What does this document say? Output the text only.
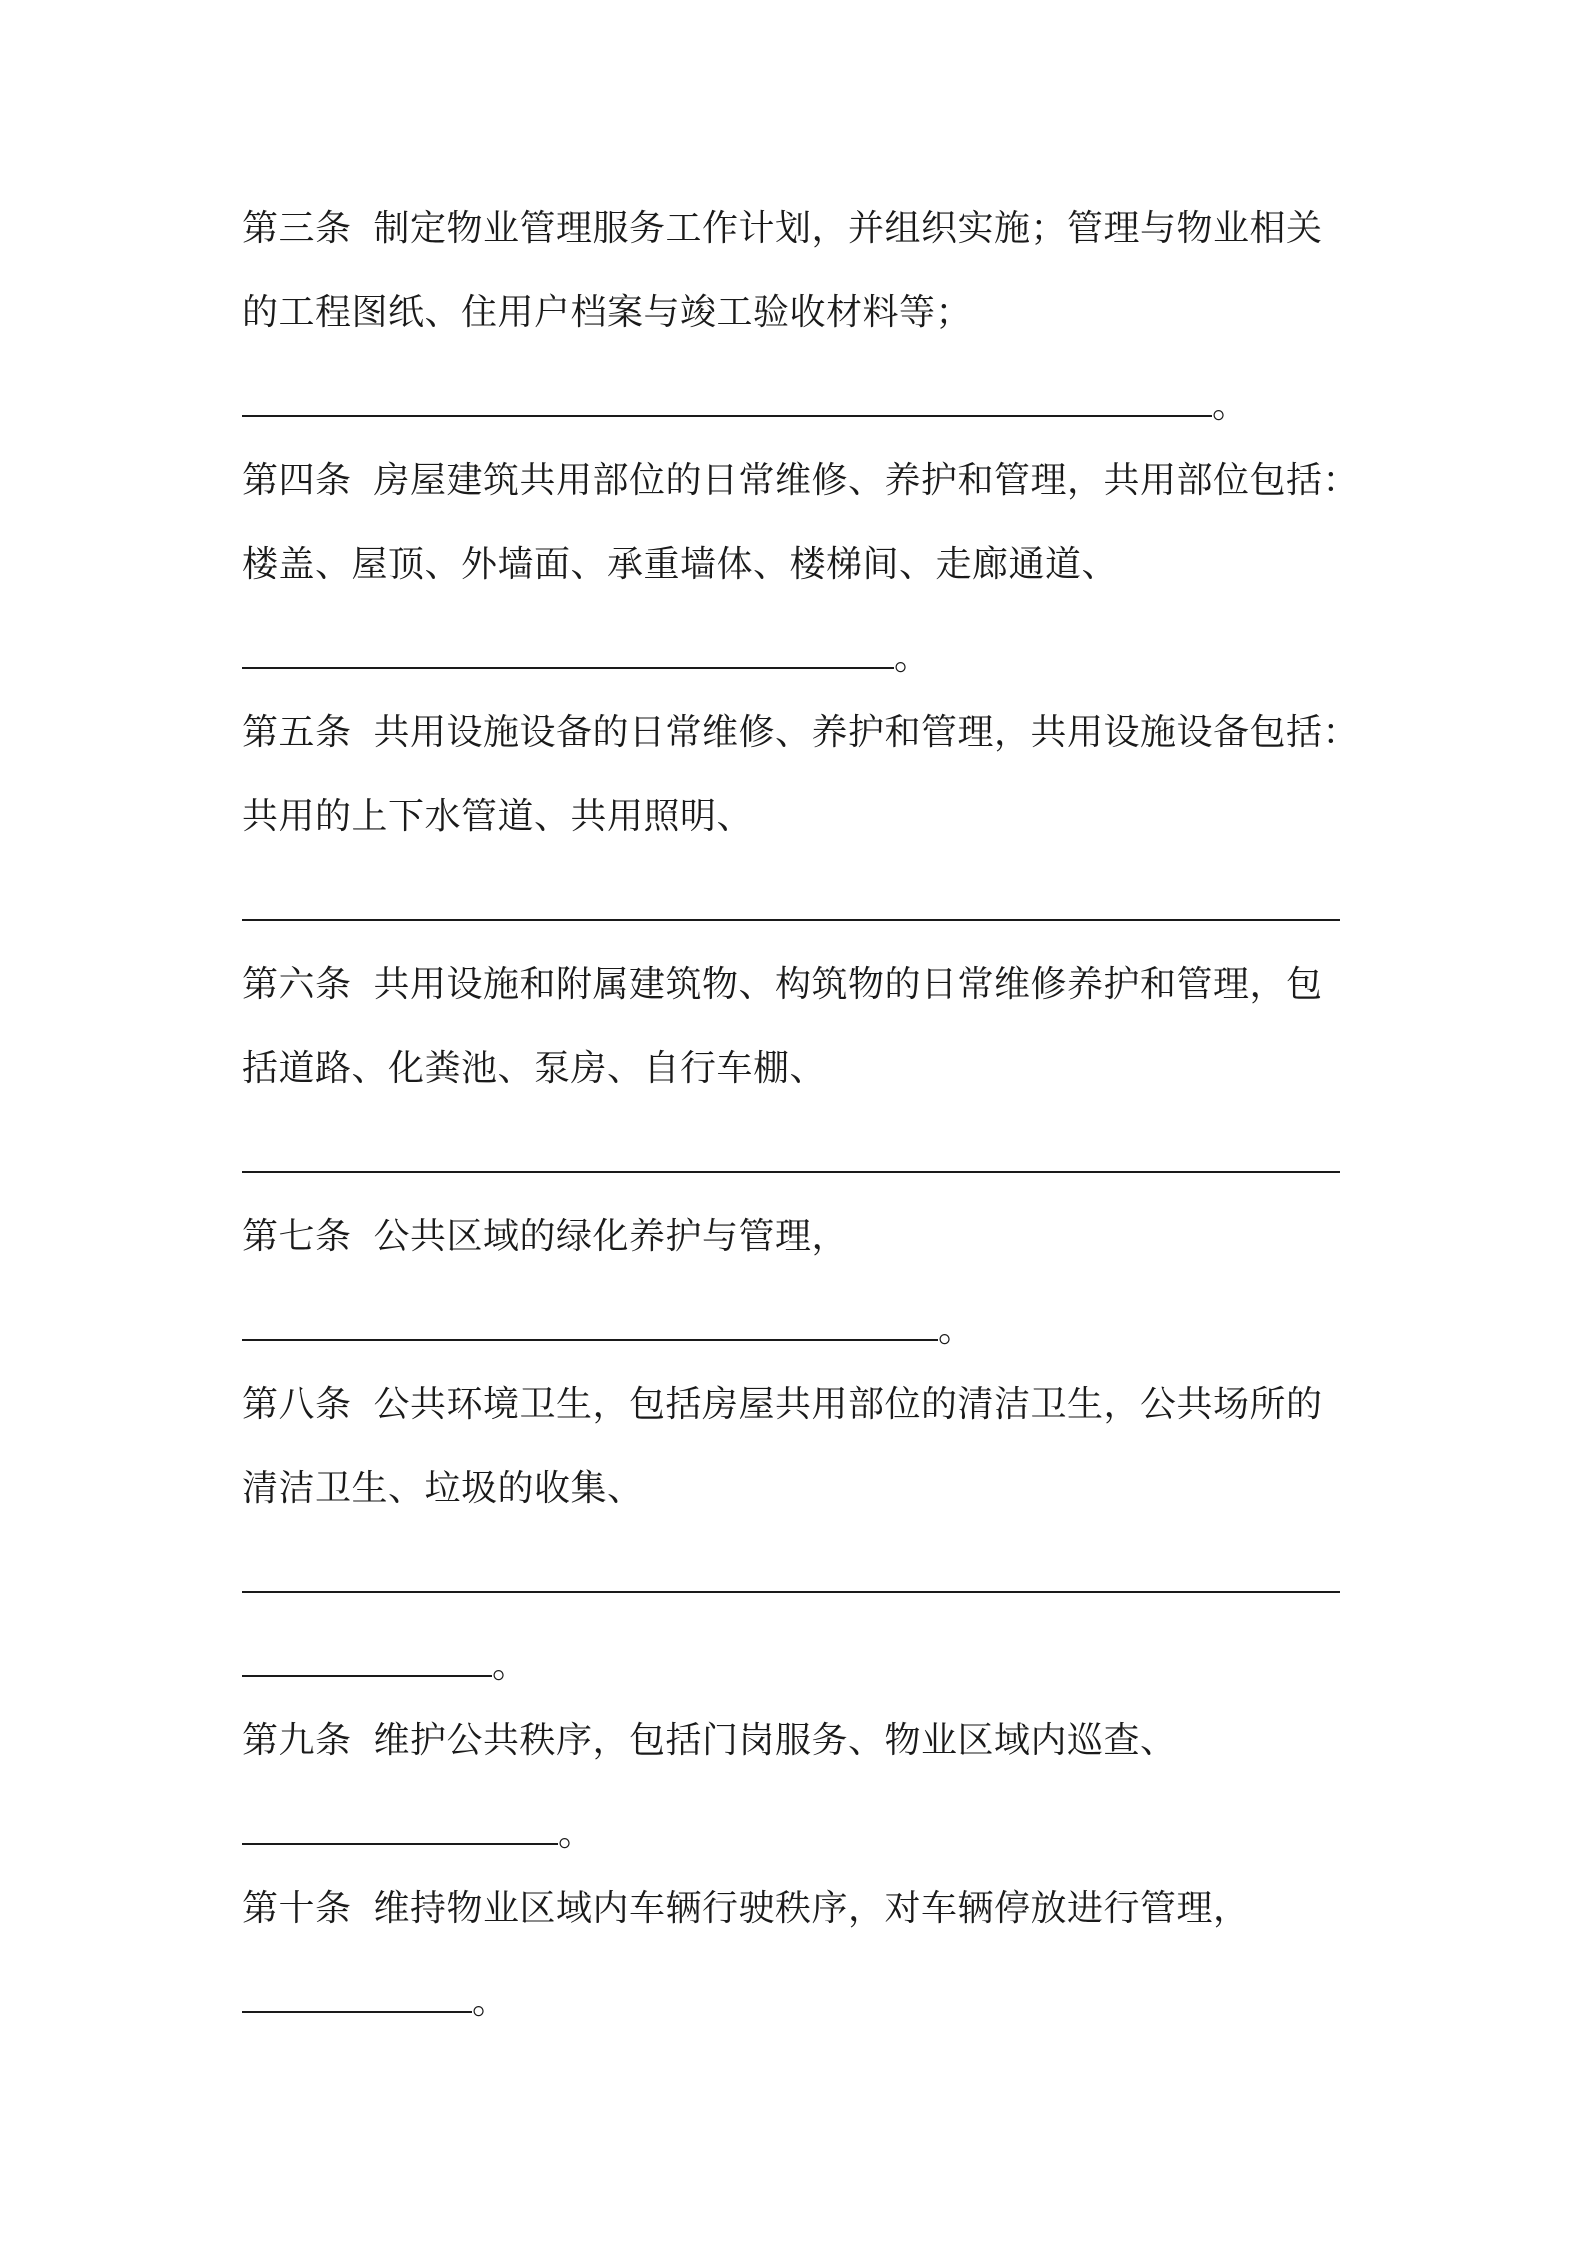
第三条 制定物业管理服务工作计划，并组织实施；管理与物业相关
的工程图纸、住用户档案与竣工验收材料等；
。
第四条 房屋建筑共用部位的日常维修、养护和管理，共用部位包括：
楼盖、屋顶、外墙面、承重墙体、楼梯间、走廊通道、
。
第五条 共用设施设备的日常维修、养护和管理，共用设施设备包括：
共用的上下水管道、共用照明、
第六条 共用设施和附属建筑物、构筑物的日常维修养护和管理，包
括道路、化粪池、泵房、自行车棚、
第七条 公共区域的绿化养护与管理，
。
第八条 公共环境卫生，包括房屋共用部位的清洁卫生，公共场所的
清洁卫生、垃圾的收集、
。
第九条 维护公共秩序，包括门岗服务、物业区域内巡查、
。
第十条 维持物业区域内车辆行驶秩序，对车辆停放进行管理，
。
